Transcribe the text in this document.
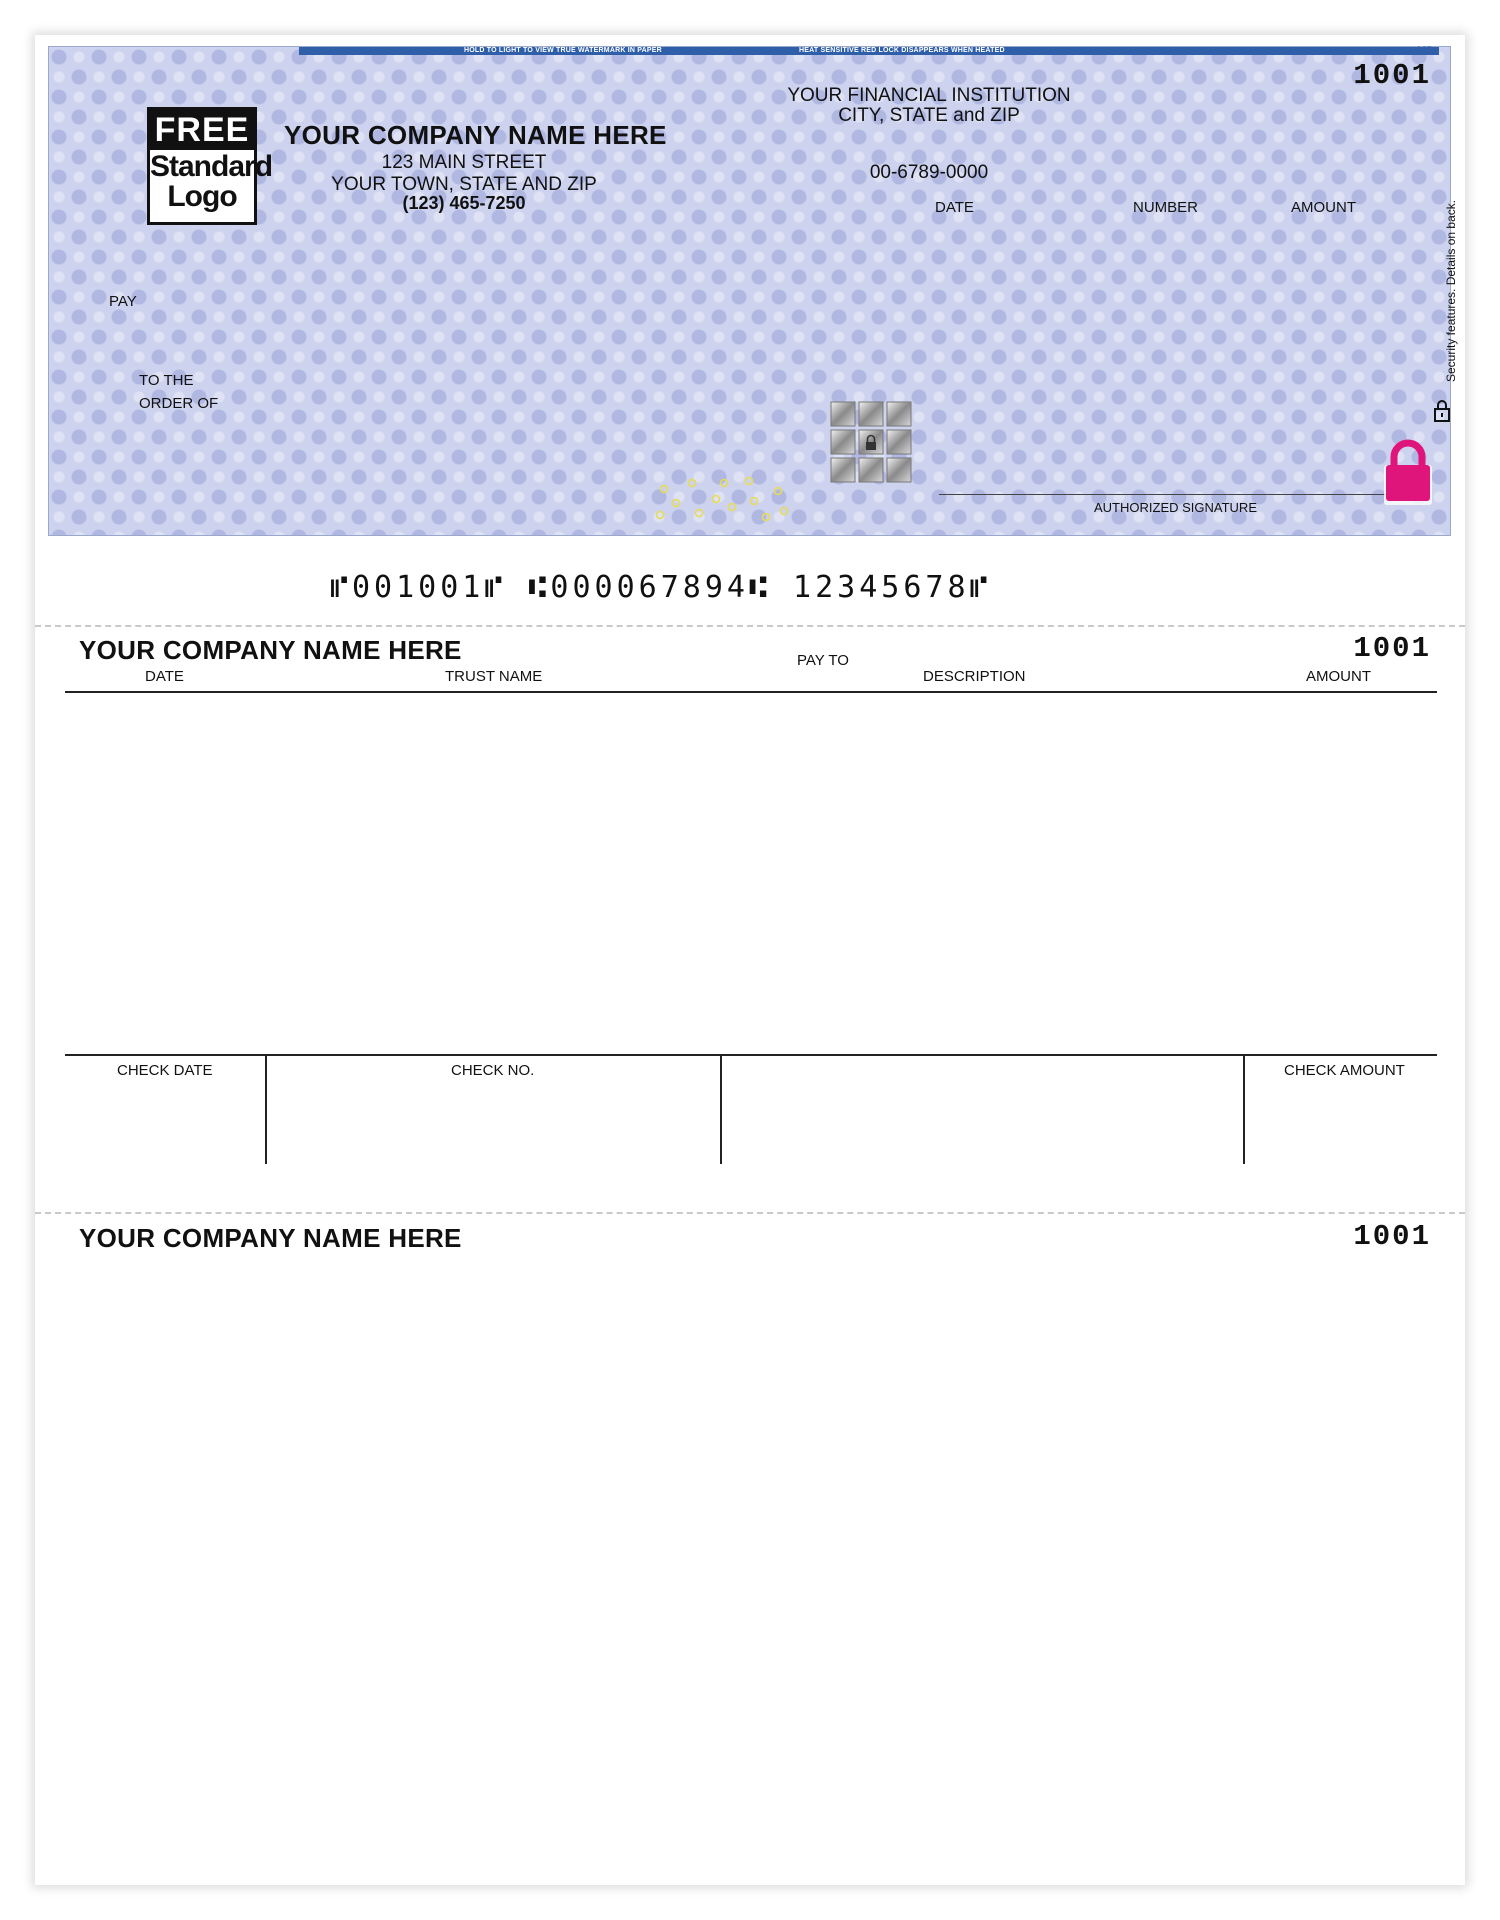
HOLD TO LIGHT TO VIEW TRUE WATERMARK IN PAPER	HEAT SENSITIVE RED LOCK DISAPPEARS WHEN HEATED	MP
1001
FREE
Standard
Logo
YOUR COMPANY NAME HERE
123 MAIN STREET
YOUR TOWN, STATE AND ZIP
(123) 465-7250
YOUR FINANCIAL INSTITUTION
CITY, STATE and ZIP
00-6789-0000
DATE	NUMBER	AMOUNT
PAY
TO THE
ORDER OF
AUTHORIZED SIGNATURE
Security features. Details on back.
⑈001001⑈ ⑆000067894⑆ 12345678⑈
YOUR COMPANY NAME HERE	1001
DATE	TRUST NAME
PAY TO
DESCRIPTION	AMOUNT
CHECK DATE	CHECK NO.	CHECK AMOUNT
YOUR COMPANY NAME HERE	1001
